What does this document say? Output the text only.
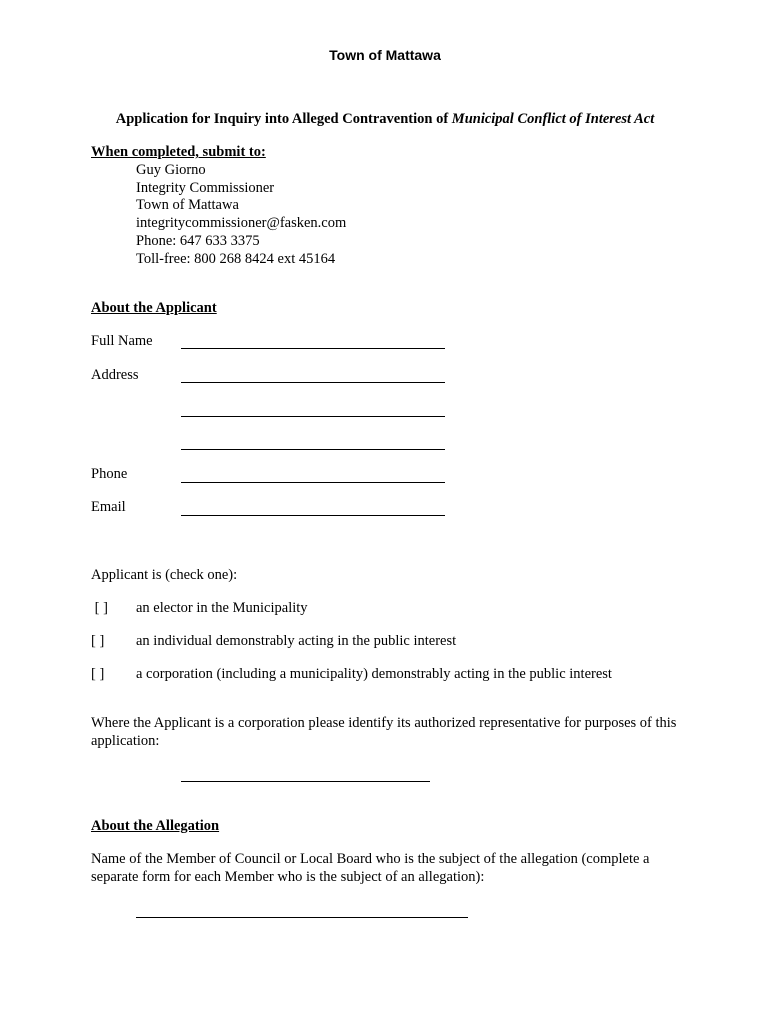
Town of Mattawa
Application for Inquiry into Alleged Contravention of Municipal Conflict of Interest Act
When completed, submit to:
Guy Giorno
Integrity Commissioner
Town of Mattawa
integritycommissioner@fasken.com
Phone: 647 633 3375
Toll-free: 800 268 8424 ext 45164
About the Applicant
Full Name
Address
Phone
Email
Applicant is (check one):
[ ] an elector in the Municipality
[ ] an individual demonstrably acting in the public interest
[ ] a corporation (including a municipality) demonstrably acting in the public interest
Where the Applicant is a corporation please identify its authorized representative for purposes of this application:
About the Allegation
Name of the Member of Council or Local Board who is the subject of the allegation (complete a separate form for each Member who is the subject of an allegation):
